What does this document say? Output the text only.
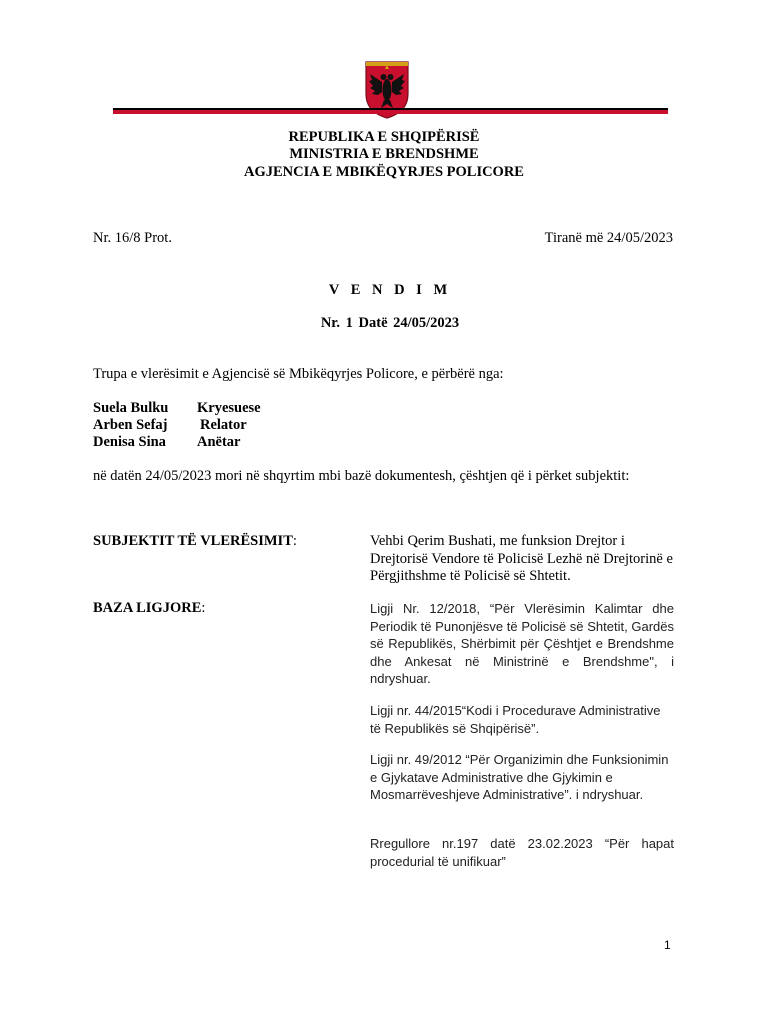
REPUBLIKA E SHQIPËRISË
MINISTRIA E BRENDSHME
AGJENCIA E MBIKËQYRJES POLICORE
Nr. 16/8 Prot.	Tiranë më 24/05/2023
V E N D I M
Nr. 1 Datë 24/05/2023
Trupa e vlerësimit e Agjencisë së Mbikëqyrjes Policore, e përbërë nga:
Suela Bulku	Kryesuese
Arben Sefaj	Relator
Denisa Sina	Anëtar
në datën 24/05/2023 mori në shqyrtim mbi bazë dokumentesh, çështjen që i përket subjektit:
SUBJEKTIT TË VLERËSIMIT:	Vehbi Qerim Bushati, me funksion Drejtor i Drejtorisë Vendore të Policisë Lezhë në Drejtorinë e Përgjithshme të Policisë së Shtetit.

BAZA LIGJORE:	Ligji Nr. 12/2018, “Për Vlerësimin Kalimtar dhe Periodik të Punonjësve të Policisë së Shtetit, Gardës së Republikës, Shërbimit për Çështjet e Brendshme dhe Ankesat në Ministrinë e Brendshme", i ndryshuar.

Ligji nr. 44/2015“Kodi i Procedurave Administrative të Republikës së Shqipërisë”.

Ligji nr. 49/2012 “Për Organizimin dhe Funksionimin e Gjykatave Administrative dhe Gjykimin e Mosmarrëveshjeve Administrative”. i ndryshuar.

Rregullore nr.197 datë 23.02.2023 “Për hapat procedurial të unifikuar”

1
